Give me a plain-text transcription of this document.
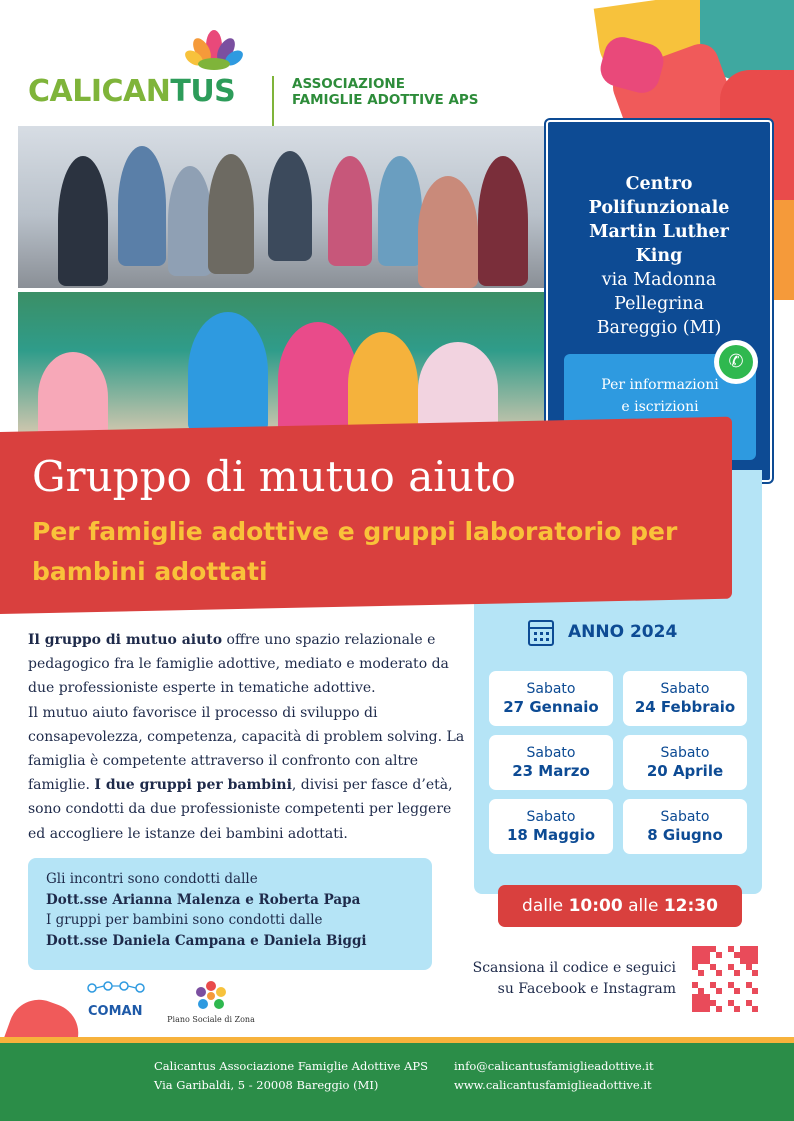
CALICANTUS	ASSOCIAZIONE
FAMIGLIE ADOTTIVE APS
Centro
Polifunzionale
Martin Luther
King
via Madonna
Pellegrina
Bareggio (MI)
Per informazioni
e iscrizioni
✆
Gruppo di mutuo aiuto
Per famiglie adottive e gruppi laboratorio per bambini adottati
Il gruppo di mutuo aiuto offre uno spazio relazionale e pedagogico fra le famiglie adottive, mediato e moderato da due professioniste esperte in tematiche adottive.
Il mutuo aiuto favorisce il processo di sviluppo di consapevolezza, competenza, capacità di problem solving. La famiglia è competente attraverso il confronto con altre famiglie. I due gruppi per bambini, divisi per fasce d’età, sono condotti da due professioniste competenti per leggere ed accogliere le istanze dei bambini adottati.
Gli incontri sono condotti dalle
Dott.sse Arianna Malenza e Roberta Papa
I gruppi per bambini sono condotti dalle
Dott.sse Daniela Campana e Daniela Biggi
ANNO 2024
Sabato
27 Gennaio
Sabato
24 Febbraio
Sabato
23 Marzo
Sabato
20 Aprile
Sabato
18 Maggio
Sabato
8 Giugno
dalle 10:00 alle 12:30
Scansiona il codice e seguici
su Facebook e Instagram
COMAN
Piano Sociale di Zona
Calicantus Associazione Famiglie Adottive APS
Via Garibaldi, 5 - 20008 Bareggio (MI)
info@calicantusfamiglieadottive.it
www.calicantusfamiglieadottive.it
